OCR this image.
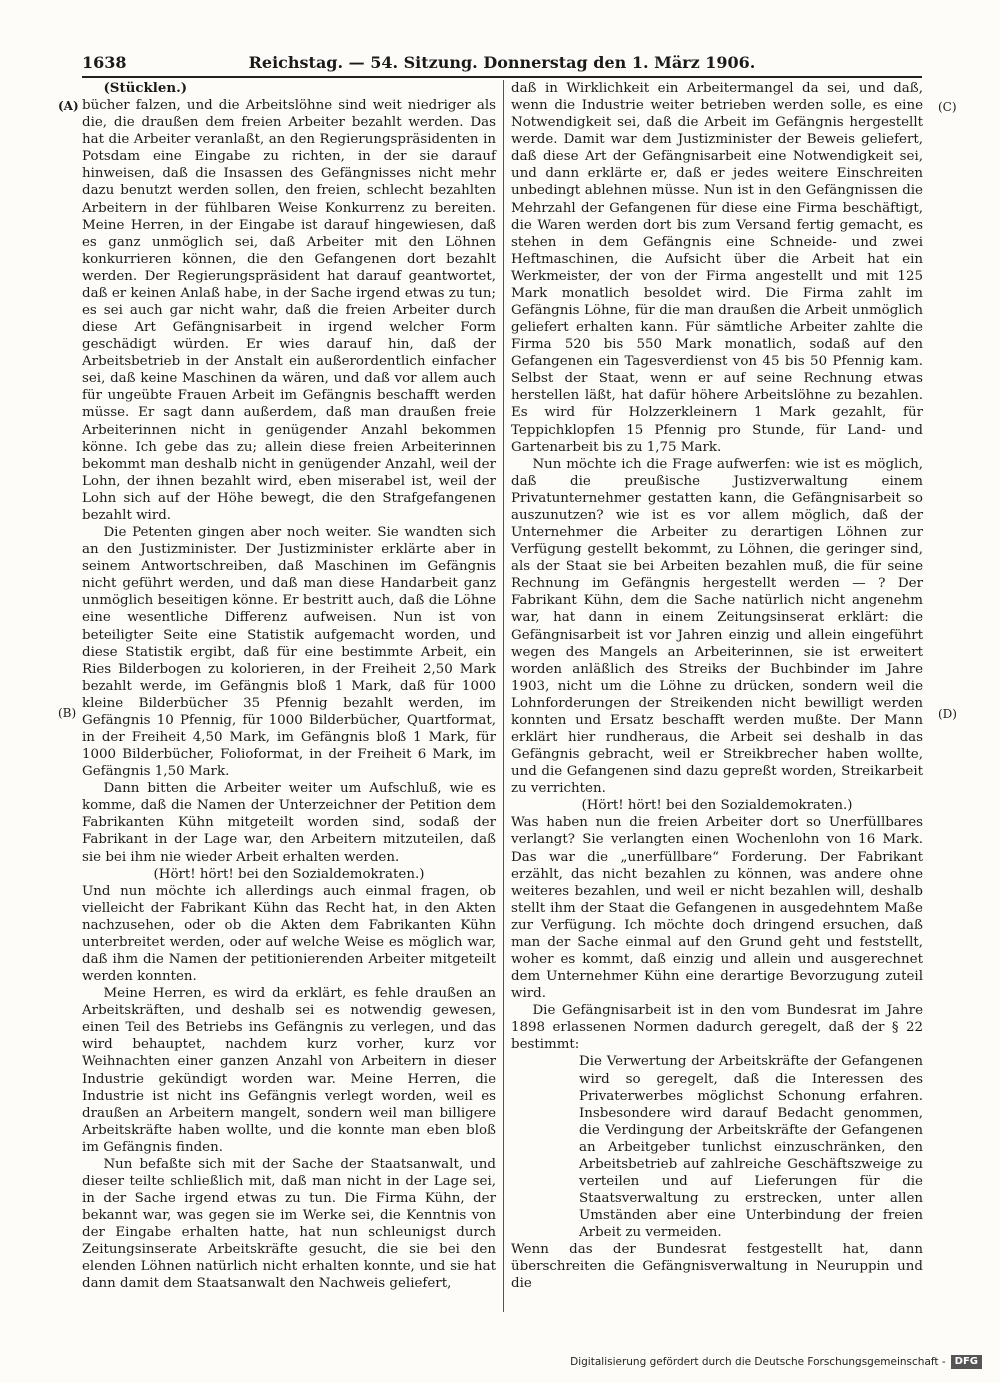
1638	Reichstag. — 54. Sitzung. Donnerstag den 1. März 1906.
(A)
(B)
(C)
(D)

(Stücklen.)

bücher falzen, und die Arbeitslöhne sind weit niedriger als die, die draußen dem freien Arbeiter bezahlt werden. Das hat die Arbeiter veranlaßt, an den Regierungspräsidenten in Potsdam eine Eingabe zu richten, in der sie darauf hinweisen, daß die Insassen des Gefängnisses nicht mehr dazu benutzt werden sollen, den freien, schlecht bezahlten Arbeitern in der fühlbaren Weise Konkurrenz zu bereiten. Meine Herren, in der Eingabe ist darauf hingewiesen, daß es ganz unmöglich sei, daß Arbeiter mit den Löhnen konkurrieren können, die den Gefangenen dort bezahlt werden. Der Regierungspräsident hat darauf geantwortet, daß er keinen Anlaß habe, in der Sache irgend etwas zu tun; es sei auch gar nicht wahr, daß die freien Arbeiter durch diese Art Gefängnisarbeit in irgend welcher Form geschädigt würden. Er wies darauf hin, daß der Arbeitsbetrieb in der Anstalt ein außerordentlich einfacher sei, daß keine Maschinen da wären, und daß vor allem auch für ungeübte Frauen Arbeit im Gefängnis beschafft werden müsse. Er sagt dann außerdem, daß man draußen freie Arbeiterinnen nicht in genügender Anzahl bekommen könne. Ich gebe das zu; allein diese freien Arbeiterinnen bekommt man deshalb nicht in genügender Anzahl, weil der Lohn, der ihnen bezahlt wird, eben miserabel ist, weil der Lohn sich auf der Höhe bewegt, die den Strafgefangenen bezahlt wird.

Die Petenten gingen aber noch weiter. Sie wandten sich an den Justizminister. Der Justizminister erklärte aber in seinem Antwortschreiben, daß Maschinen im Gefängnis nicht geführt werden, und daß man diese Handarbeit ganz unmöglich beseitigen könne. Er bestritt auch, daß die Löhne eine wesentliche Differenz aufweisen. Nun ist von beteiligter Seite eine Statistik aufgemacht worden, und diese Statistik ergibt, daß für eine bestimmte Arbeit, ein Ries Bilderbogen zu kolorieren, in der Freiheit 2,50 Mark bezahlt werde, im Gefängnis bloß 1 Mark, daß für 1000 kleine Bilderbücher 35 Pfennig bezahlt werden, im Gefängnis 10 Pfennig, für 1000 Bilderbücher, Quartformat, in der Freiheit 4,50 Mark, im Gefängnis bloß 1 Mark, für 1000 Bilderbücher, Folioformat, in der Freiheit 6 Mark, im Gefängnis 1,50 Mark.

Dann bitten die Arbeiter weiter um Aufschluß, wie es komme, daß die Namen der Unterzeichner der Petition dem Fabrikanten Kühn mitgeteilt worden sind, sodaß der Fabrikant in der Lage war, den Arbeitern mitzuteilen, daß sie bei ihm nie wieder Arbeit erhalten werden.

(Hört! hört! bei den Sozialdemokraten.)

Und nun möchte ich allerdings auch einmal fragen, ob vielleicht der Fabrikant Kühn das Recht hat, in den Akten nachzusehen, oder ob die Akten dem Fabrikanten Kühn unterbreitet werden, oder auf welche Weise es möglich war, daß ihm die Namen der petitionierenden Arbeiter mitgeteilt werden konnten.

Meine Herren, es wird da erklärt, es fehle draußen an Arbeitskräften, und deshalb sei es notwendig gewesen, einen Teil des Betriebs ins Gefängnis zu verlegen, und das wird behauptet, nachdem kurz vorher, kurz vor Weihnachten einer ganzen Anzahl von Arbeitern in dieser Industrie gekündigt worden war. Meine Herren, die Industrie ist nicht ins Gefängnis verlegt worden, weil es draußen an Arbeitern mangelt, sondern weil man billigere Arbeitskräfte haben wollte, und die konnte man eben bloß im Gefängnis finden.

Nun befaßte sich mit der Sache der Staatsanwalt, und dieser teilte schließlich mit, daß man nicht in der Lage sei, in der Sache irgend etwas zu tun. Die Firma Kühn, der bekannt war, was gegen sie im Werke sei, die Kenntnis von der Eingabe erhalten hatte, hat nun schleunigst durch Zeitungsinserate Arbeitskräfte gesucht, die sie bei den elenden Löhnen natürlich nicht erhalten konnte, und sie hat dann damit dem Staatsanwalt den Nachweis geliefert,

daß in Wirklichkeit ein Arbeitermangel da sei, und daß, wenn die Industrie weiter betrieben werden solle, es eine Notwendigkeit sei, daß die Arbeit im Gefängnis hergestellt werde. Damit war dem Justizminister der Beweis geliefert, daß diese Art der Gefängnisarbeit eine Notwendigkeit sei, und dann erklärte er, daß er jedes weitere Einschreiten unbedingt ablehnen müsse. Nun ist in den Gefängnissen die Mehrzahl der Gefangenen für diese eine Firma beschäftigt, die Waren werden dort bis zum Versand fertig gemacht, es stehen in dem Gefängnis eine Schneide- und zwei Heftmaschinen, die Aufsicht über die Arbeit hat ein Werkmeister, der von der Firma angestellt und mit 125 Mark monatlich besoldet wird. Die Firma zahlt im Gefängnis Löhne, für die man draußen die Arbeit unmöglich geliefert erhalten kann. Für sämtliche Arbeiter zahlte die Firma 520 bis 550 Mark monatlich, sodaß auf den Gefangenen ein Tagesverdienst von 45 bis 50 Pfennig kam. Selbst der Staat, wenn er auf seine Rechnung etwas herstellen läßt, hat dafür höhere Arbeitslöhne zu bezahlen. Es wird für Holzzerkleinern 1 Mark gezahlt, für Teppichklopfen 15 Pfennig pro Stunde, für Land- und Gartenarbeit bis zu 1,75 Mark.

Nun möchte ich die Frage aufwerfen: wie ist es möglich, daß die preußische Justizverwaltung einem Privatunternehmer gestatten kann, die Gefängnisarbeit so auszunutzen? wie ist es vor allem möglich, daß der Unternehmer die Arbeiter zu derartigen Löhnen zur Verfügung gestellt bekommt, zu Löhnen, die geringer sind, als der Staat sie bei Arbeiten bezahlen muß, die für seine Rechnung im Gefängnis hergestellt werden — ? Der Fabrikant Kühn, dem die Sache natürlich nicht angenehm war, hat dann in einem Zeitungsinserat erklärt: die Gefängnisarbeit ist vor Jahren einzig und allein eingeführt wegen des Mangels an Arbeiterinnen, sie ist erweitert worden anläßlich des Streiks der Buchbinder im Jahre 1903, nicht um die Löhne zu drücken, sondern weil die Lohnforderungen der Streikenden nicht bewilligt werden konnten und Ersatz beschafft werden mußte. Der Mann erklärt hier rundheraus, die Arbeit sei deshalb in das Gefängnis gebracht, weil er Streikbrecher haben wollte, und die Gefangenen sind dazu gepreßt worden, Streikarbeit zu verrichten.

(Hört! hört! bei den Sozialdemokraten.)

Was haben nun die freien Arbeiter dort so Unerfüllbares verlangt? Sie verlangten einen Wochenlohn von 16 Mark. Das war die „unerfüllbare“ Forderung. Der Fabrikant erzählt, das nicht bezahlen zu können, was andere ohne weiteres bezahlen, und weil er nicht bezahlen will, deshalb stellt ihm der Staat die Gefangenen in ausgedehntem Maße zur Verfügung. Ich möchte doch dringend ersuchen, daß man der Sache einmal auf den Grund geht und feststellt, woher es kommt, daß einzig und allein und ausgerechnet dem Unternehmer Kühn eine derartige Bevorzugung zuteil wird.

Die Gefängnisarbeit ist in den vom Bundesrat im Jahre 1898 erlassenen Normen dadurch geregelt, daß der § 22 bestimmt:

Die Verwertung der Arbeitskräfte der Gefangenen wird so geregelt, daß die Interessen des Privaterwerbes möglichst Schonung erfahren. Insbesondere wird darauf Bedacht genommen, die Verdingung der Arbeitskräfte der Gefangenen an Arbeitgeber tunlichst einzuschränken, den Arbeitsbetrieb auf zahlreiche Geschäftszweige zu verteilen und auf Lieferungen für die Staatsverwaltung zu erstrecken, unter allen Umständen aber eine Unterbindung der freien Arbeit zu vermeiden.

Wenn das der Bundesrat festgestellt hat, dann überschreiten die Gefängnisverwaltung in Neuruppin und die

Digitalisierung gefördert durch die Deutsche Forschungsgemeinschaft - DFG
